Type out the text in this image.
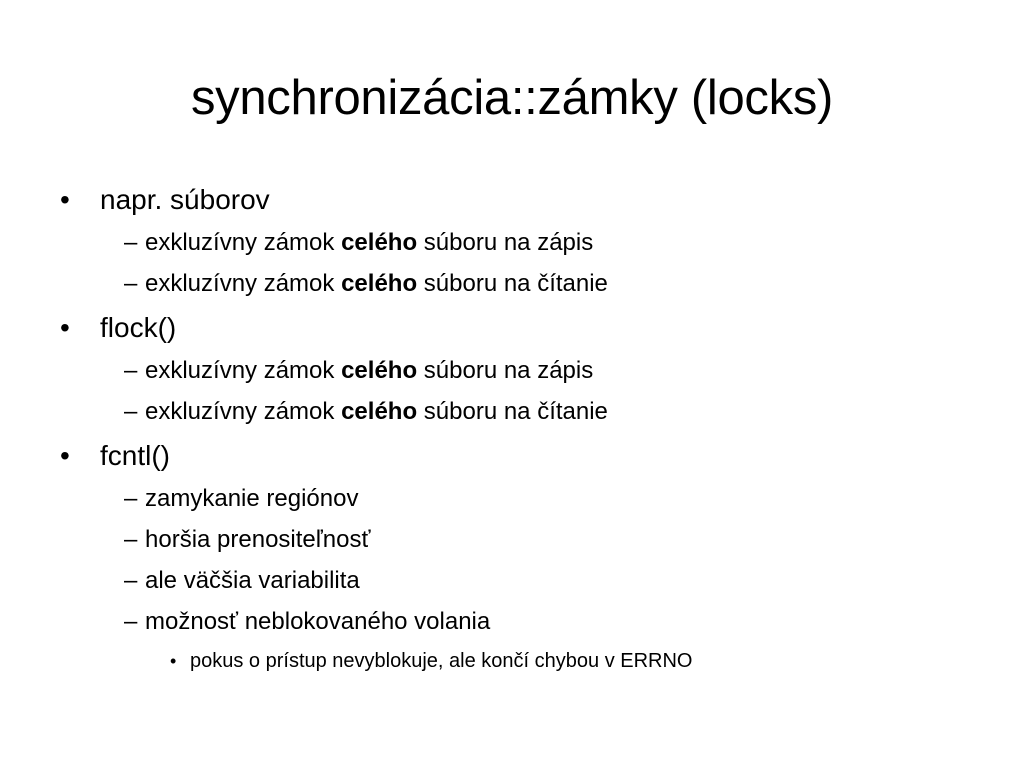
synchronizácia::zámky (locks)
•	napr. súborov
– exkluzívny zámok celého súboru na zápis
– exkluzívny zámok celého súboru na čítanie
•	flock()
– exkluzívny zámok celého súboru na zápis
– exkluzívny zámok celého súboru na čítanie
•	fcntl()
– zamykanie regiónov
– horšia prenositeľnosť
– ale väčšia variabilita
– možnosť neblokovaného volania
• pokus o prístup nevyblokuje, ale končí chybou v ERRNO
